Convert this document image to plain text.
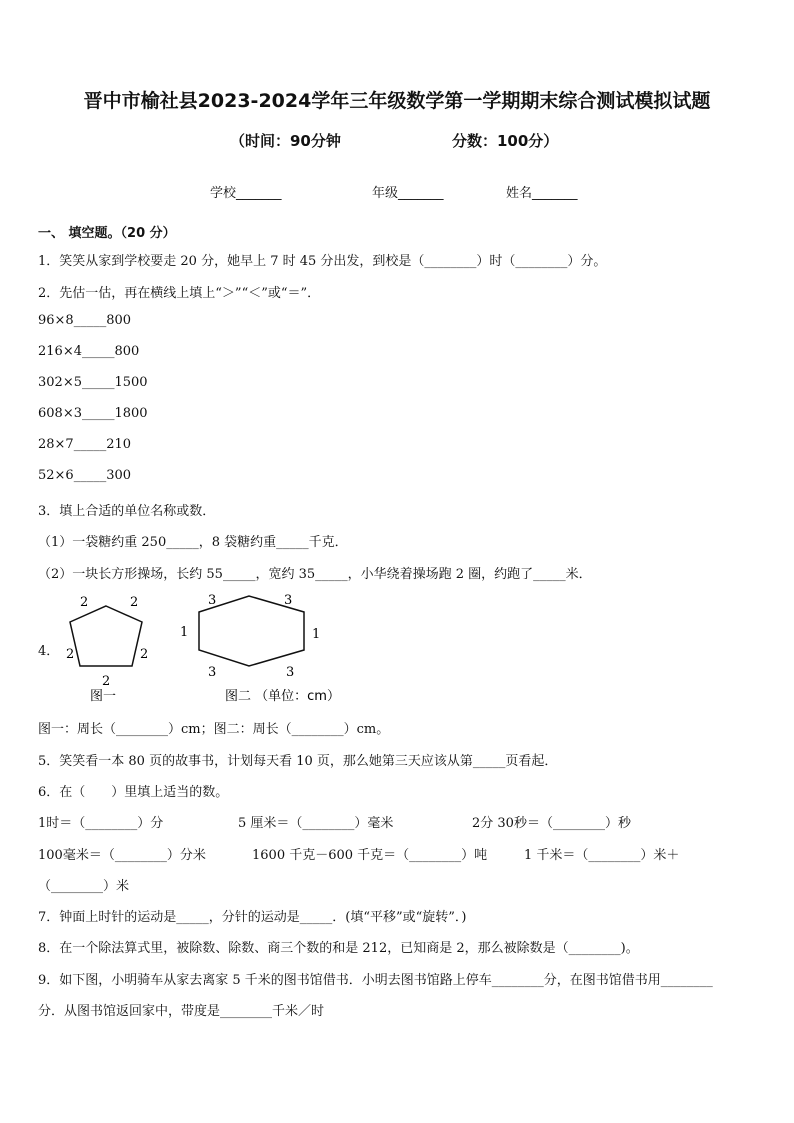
晋中市榆社县2023-2024学年三年级数学第一学期期末综合测试模拟试题
（时间：90分钟	分数：100分）
学校_______	年级_______	姓名_______
一、 填空题。（20 分）
1．笑笑从家到学校要走 20 分，她早上 7 时 45 分出发，到校是（________）时（________）分。
2．先估一估，再在横线上填上“＞”“＜”或“＝”．
96×8_____800
216×4_____800
302×5_____1500
608×3_____1800
28×7_____210
52×6_____300
3．填上合适的单位名称或数．
（1）一袋糖约重 250_____，8 袋糖约重_____千克．
（2）一块长方形操场，长约 55_____，宽约 35_____，小华绕着操场跑 2 圈，约跑了_____米．
4．
2	2
2	2
2
3	3
1	1
3	3
图一	图二 （单位：cm）
图一：周长（________）cm；图二：周长（________）cm。
5．笑笑看一本 80 页的故事书，计划每天看 10 页，那么她第三天应该从第_____页看起．
6．在（　　）里填上适当的数。
1时＝（________）分	5 厘米＝（________）毫米	2分 30秒＝（________）秒
100毫米＝（________）分米	1600 千克－600 千克＝（________）吨	1 千米＝（________）米＋
（________）米
7．钟面上时针的运动是_____，分针的运动是_____．(填“平移”或“旋转”．)
8．在一个除法算式里，被除数、除数、商三个数的和是 212，已知商是 2，那么被除数是（________)。
9．如下图，小明骑车从家去离家 5 千米的图书馆借书．小明去图书馆路上停车________分，在图书馆借书用________
分．从图书馆返回家中，带度是________千米／时
